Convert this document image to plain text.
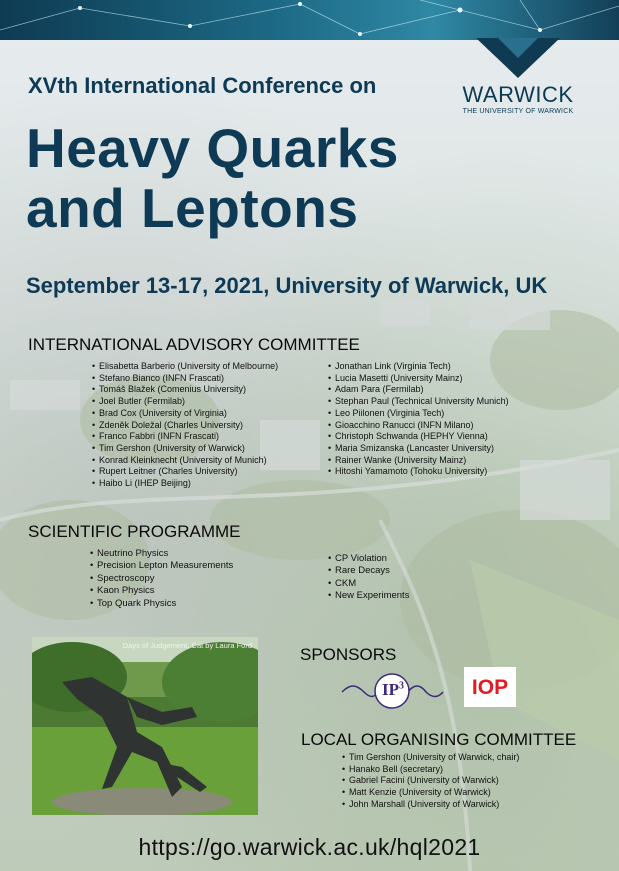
WARWICK
THE UNIVERSITY OF WARWICK
XVth International Conference on
Heavy Quarks
and Leptons
September 13-17, 2021, University of Warwick, UK
INTERNATIONAL ADVISORY COMMITTEE
• Elisabetta Barberio (University of Melbourne)
• Stefano Bianco (INFN Frascati)
• Tomáš Blažek (Comenius University)
• Joel Butler (Fermilab)
• Brad Cox (University of Virginia)
• Zdeněk Doležal (Charles University)
• Franco Fabbri (INFN Frascati)
• Tim Gershon (University of Warwick)
• Konrad Kleinknecht (University of Munich)
• Rupert Leitner (Charles University)
• Haibo Li (IHEP Beijing)
• Jonathan Link (Virginia Tech)
• Lucia Masetti (University Mainz)
• Adam Para (Fermilab)
• Stephan Paul (Technical University Munich)
• Leo Piilonen (Virginia Tech)
• Gioacchino Ranucci (INFN Milano)
• Christoph Schwanda (HEPHY Vienna)
• Maria Smizanska (Lancaster University)
• Rainer Wanke (University Mainz)
• Hitoshi Yamamoto (Tohoku University)
SCIENTIFIC PROGRAMME
• Neutrino Physics
• Precision Lepton Measurements
• Spectroscopy
• Kaon Physics
• Top Quark Physics
• CP Violation
• Rare Decays
• CKM
• New Experiments
Days of Judgement, Cat by Laura Ford	SPONSORS
$IP^3$	IOP
LOCAL ORGANISING COMMITTEE
• Tim Gershon (University of Warwick, chair)
• Hanako Bell (secretary)
• Gabriel Facini (University of Warwick)
• Matt Kenzie (University of Warwick)
• John Marshall (University of Warwick)
https://go.warwick.ac.uk/hql2021
